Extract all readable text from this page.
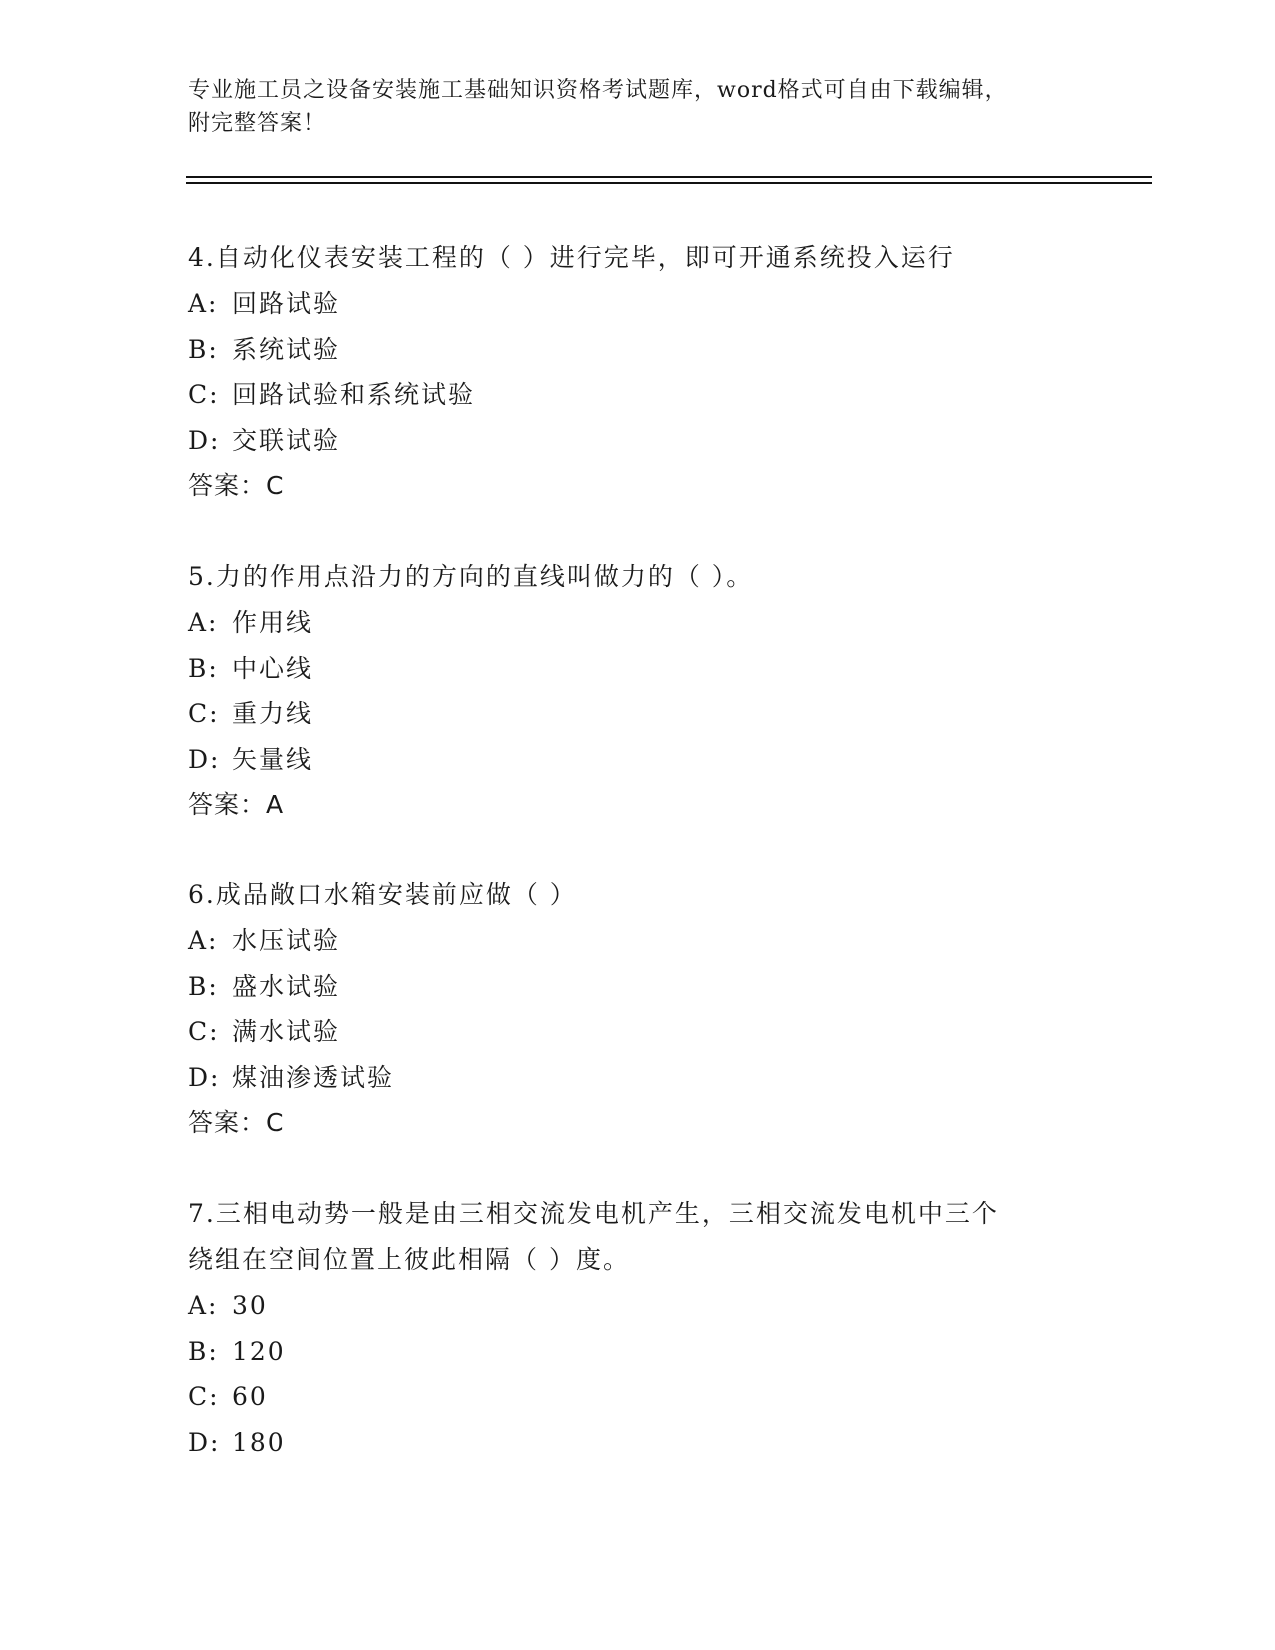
专业施工员之设备安装施工基础知识资格考试题库，word格式可自由下载编辑，
附完整答案！
4.自动化仪表安装工程的（ ）进行完毕，即可开通系统投入运行
A: 回路试验
B: 系统试验
C: 回路试验和系统试验
D: 交联试验
答案：C
5.力的作用点沿力的方向的直线叫做力的（ ）。
A: 作用线
B: 中心线
C: 重力线
D: 矢量线
答案：A
6.成品敞口水箱安装前应做（ ）
A: 水压试验
B: 盛水试验
C: 满水试验
D: 煤油渗透试验
答案：C
7.三相电动势一般是由三相交流发电机产生，三相交流发电机中三个
绕组在空间位置上彼此相隔（ ）度。
A: 30
B: 120
C: 60
D: 180
